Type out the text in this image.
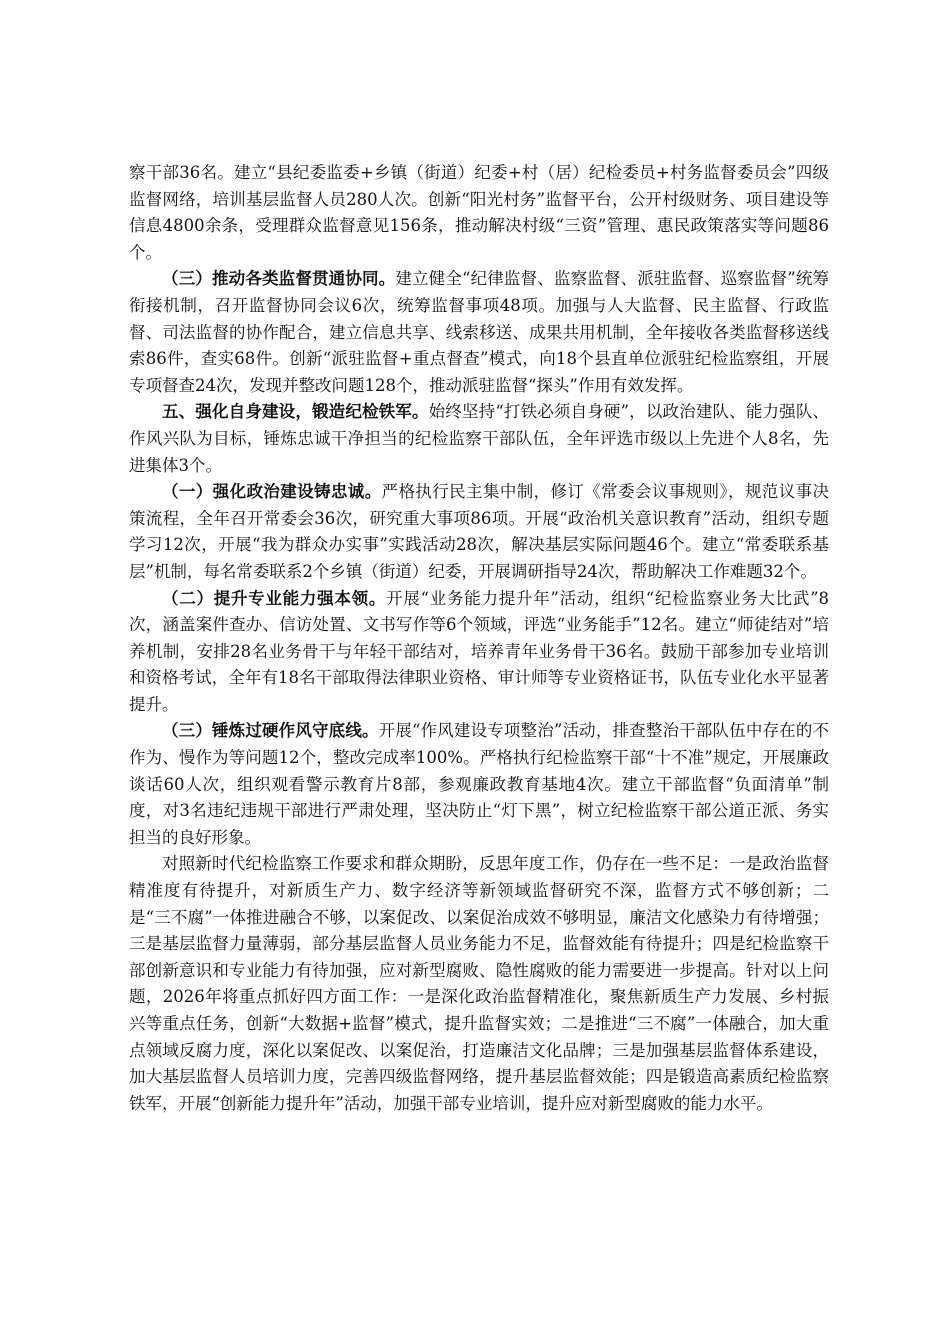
察干部36名。建立“县纪委监委+乡镇（街道）纪委+村（居）纪检委员+村务监督委员会”四级监督网络，培训基层监督人员280人次。创新“阳光村务”监督平台，公开村级财务、项目建设等信息4800余条，受理群众监督意见156条，推动解决村级“三资”管理、惠民政策落实等问题86个。

（三）推动各类监督贯通协同。建立健全“纪律监督、监察监督、派驻监督、巡察监督”统筹衔接机制，召开监督协同会议6次，统筹监督事项48项。加强与人大监督、民主监督、行政监督、司法监督的协作配合，建立信息共享、线索移送、成果共用机制，全年接收各类监督移送线索86件，查实68件。创新“派驻监督+重点督查”模式，向18个县直单位派驻纪检监察组，开展专项督查24次，发现并整改问题128个，推动派驻监督“探头”作用有效发挥。

五、强化自身建设，锻造纪检铁军。始终坚持“打铁必须自身硬”，以政治建队、能力强队、作风兴队为目标，锤炼忠诚干净担当的纪检监察干部队伍，全年评选市级以上先进个人8名，先进集体3个。

（一）强化政治建设铸忠诚。严格执行民主集中制，修订《常委会议事规则》，规范议事决策流程，全年召开常委会36次，研究重大事项86项。开展“政治机关意识教育”活动，组织专题学习12次，开展“我为群众办实事”实践活动28次，解决基层实际问题46个。建立“常委联系基层”机制，每名常委联系2个乡镇（街道）纪委，开展调研指导24次，帮助解决工作难题32个。

（二）提升专业能力强本领。开展“业务能力提升年”活动，组织“纪检监察业务大比武”8次，涵盖案件查办、信访处置、文书写作等6个领域，评选“业务能手”12名。建立“师徒结对”培养机制，安排28名业务骨干与年轻干部结对，培养青年业务骨干36名。鼓励干部参加专业培训和资格考试，全年有18名干部取得法律职业资格、审计师等专业资格证书，队伍专业化水平显著提升。

（三）锤炼过硬作风守底线。开展“作风建设专项整治”活动，排查整治干部队伍中存在的不作为、慢作为等问题12个，整改完成率100%。严格执行纪检监察干部“十不准”规定，开展廉政谈话60人次，组织观看警示教育片8部，参观廉政教育基地4次。建立干部监督“负面清单”制度，对3名违纪违规干部进行严肃处理，坚决防止“灯下黑”，树立纪检监察干部公道正派、务实担当的良好形象。

对照新时代纪检监察工作要求和群众期盼，反思年度工作，仍存在一些不足：一是政治监督精准度有待提升，对新质生产力、数字经济等新领域监督研究不深，监督方式不够创新；二是“三不腐”一体推进融合不够，以案促改、以案促治成效不够明显，廉洁文化感染力有待增强；三是基层监督力量薄弱，部分基层监督人员业务能力不足，监督效能有待提升；四是纪检监察干部创新意识和专业能力有待加强，应对新型腐败、隐性腐败的能力需要进一步提高。针对以上问题，2026年将重点抓好四方面工作：一是深化政治监督精准化，聚焦新质生产力发展、乡村振兴等重点任务，创新“大数据+监督”模式，提升监督实效；二是推进“三不腐”一体融合，加大重点领域反腐力度，深化以案促改、以案促治，打造廉洁文化品牌；三是加强基层监督体系建设，加大基层监督人员培训力度，完善四级监督网络，提升基层监督效能；四是锻造高素质纪检监察铁军，开展“创新能力提升年”活动，加强干部专业培训，提升应对新型腐败的能力水平。
